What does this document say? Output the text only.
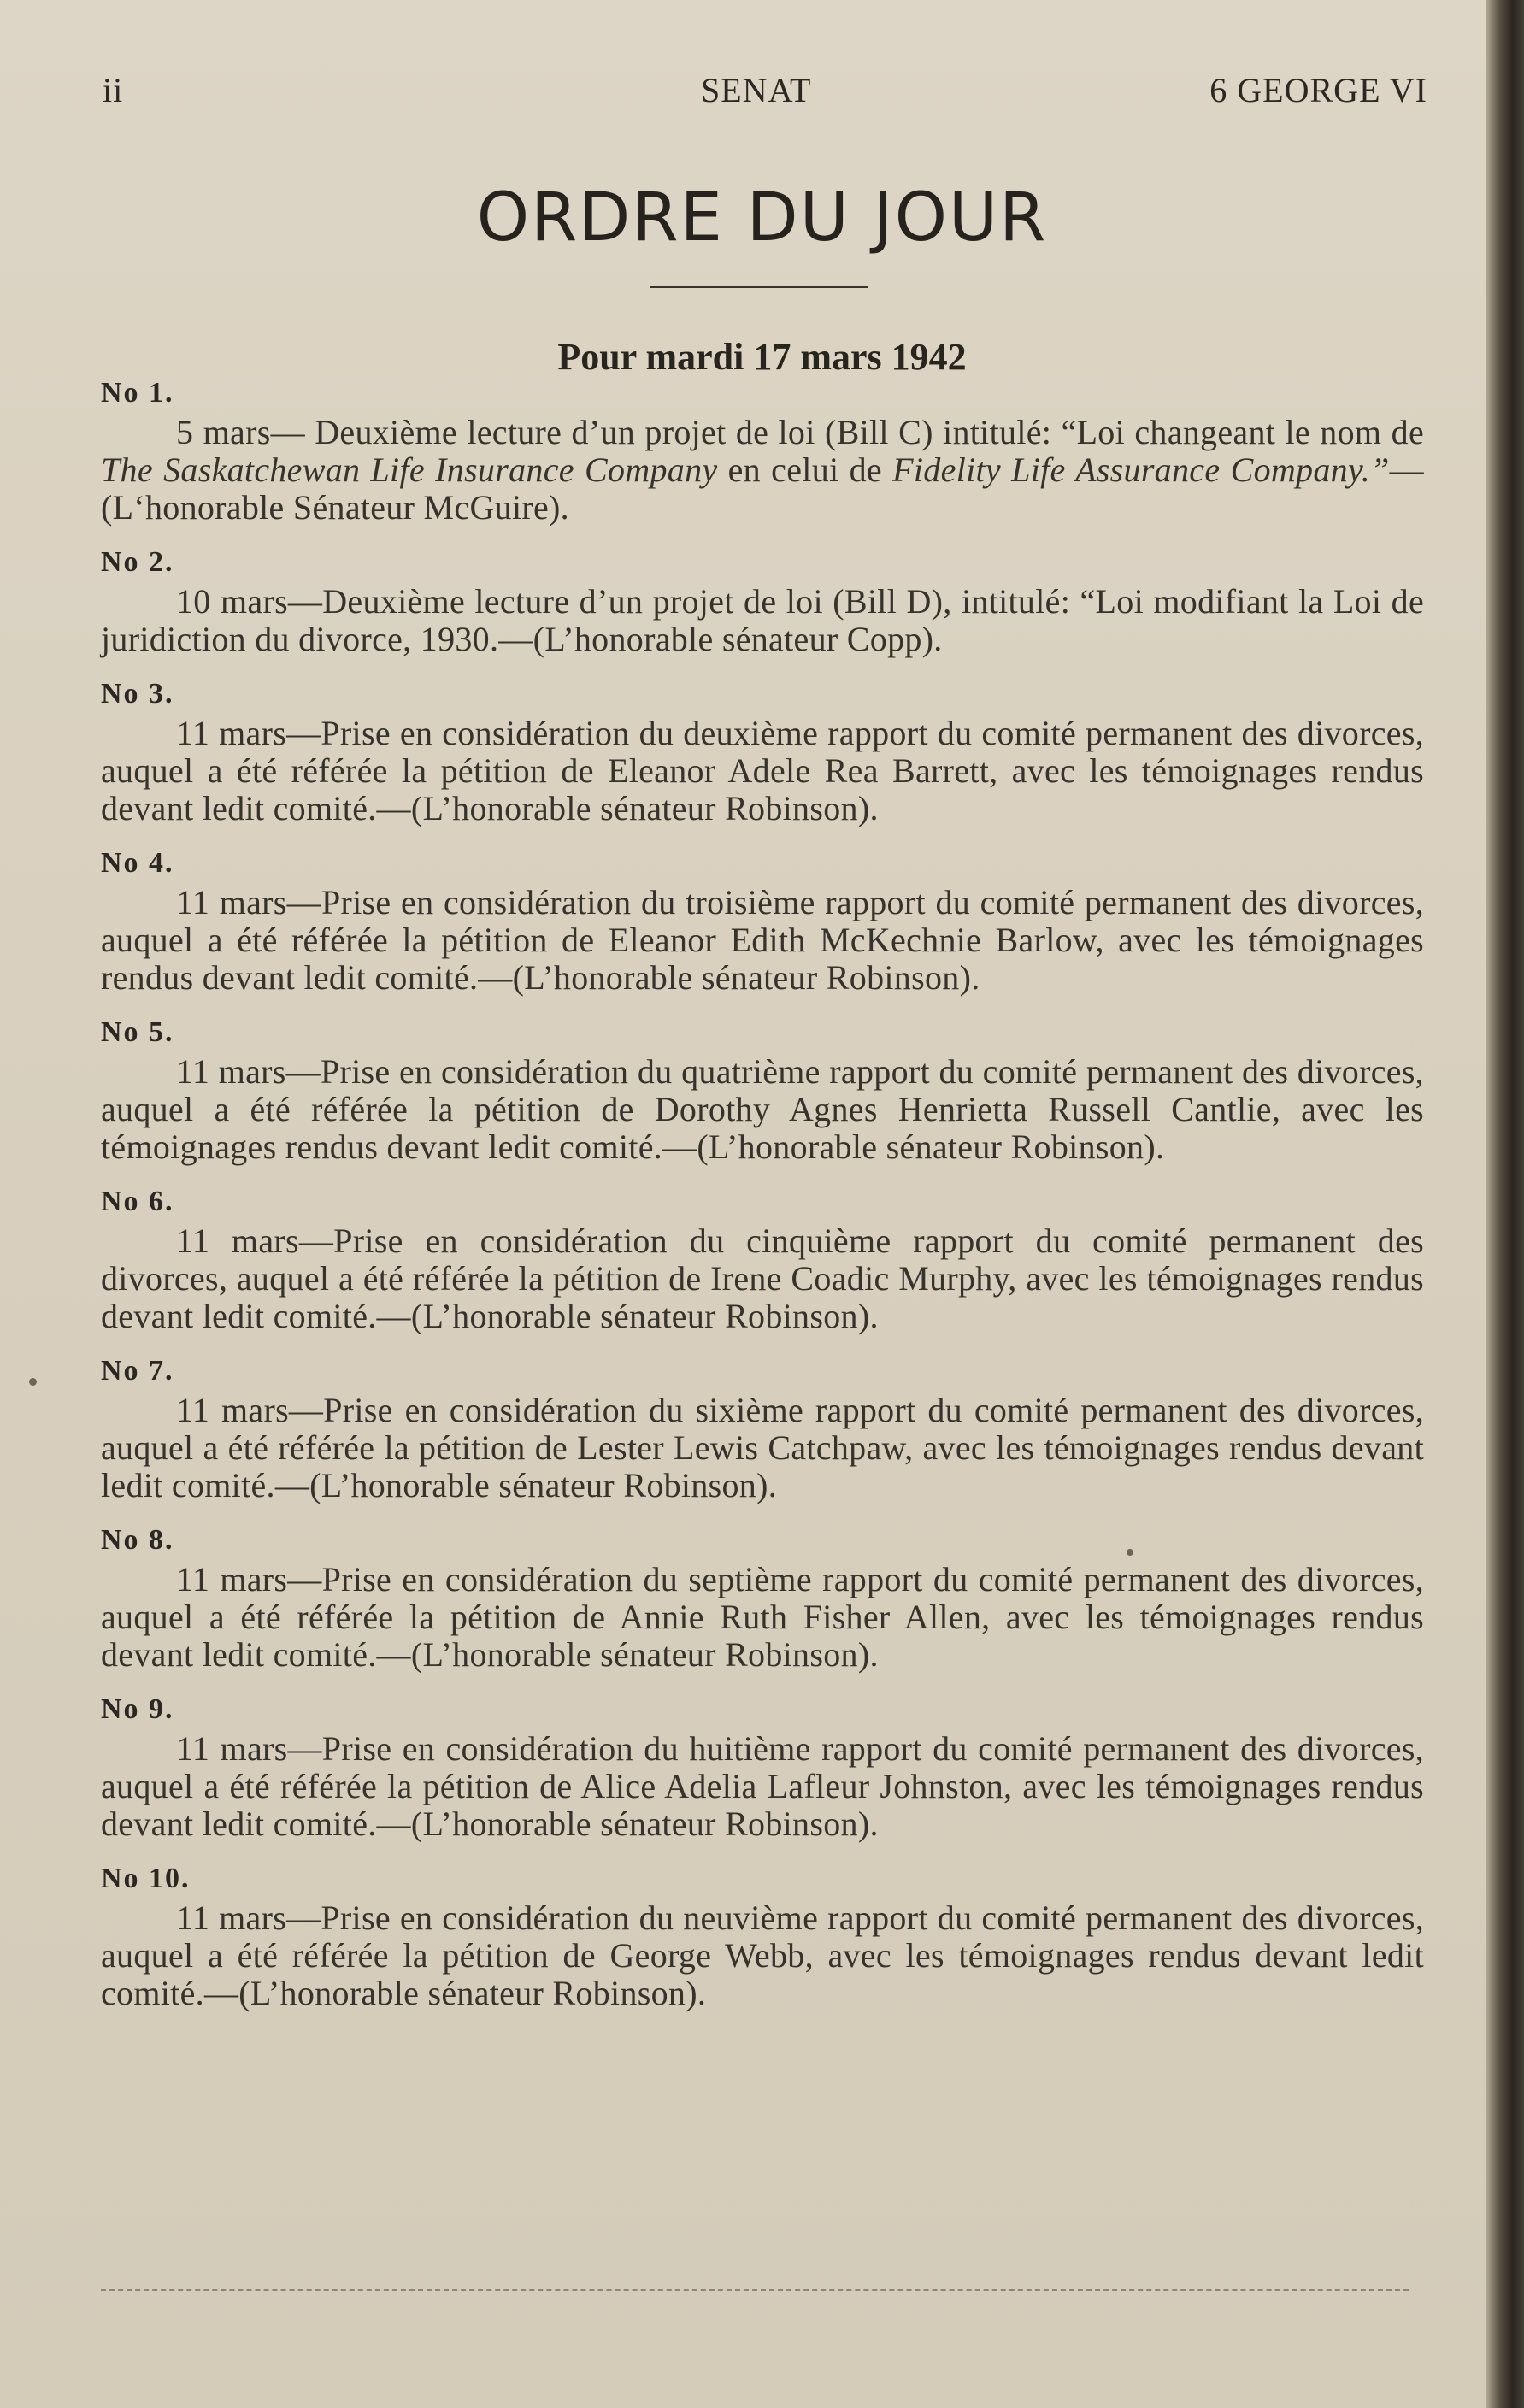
ii	SENAT	6 GEORGE VI
ORDRE DU JOUR
Pour mardi 17 mars 1942
No 1.
5 mars— Deuxième lecture d’un projet de loi (Bill C) intitulé: “Loi changeant le nom de The Saskatchewan Life Insurance Company en celui de Fidelity Life Assurance Company.”—(L‘honorable Sénateur McGuire).
No 2.
10 mars—Deuxième lecture d’un projet de loi (Bill D), intitulé: “Loi modifiant la Loi de juridiction du divorce, 1930.—(L’honorable sénateur Copp).
No 3.
11 mars—Prise en considération du deuxième rapport du comité permanent des divorces, auquel a été référée la pétition de Eleanor Adele Rea Barrett, avec les témoignages rendus devant ledit comité.—(L’honorable sénateur Robinson).
No 4.
11 mars—Prise en considération du troisième rapport du comité permanent des divorces, auquel a été référée la pétition de Eleanor Edith McKechnie Barlow, avec les témoignages rendus devant ledit comité.—(L’honorable sénateur Robinson).
No 5.
11 mars—Prise en considération du quatrième rapport du comité permanent des divorces, auquel a été référée la pétition de Dorothy Agnes Henrietta Russell Cantlie, avec les témoignages rendus devant ledit comité.—(L’honorable sénateur Robinson).
No 6.
11 mars—Prise en considération du cinquième rapport du comité permanent des divorces, auquel a été référée la pétition de Irene Coadic Murphy, avec les témoignages rendus devant ledit comité.—(L’honorable sénateur Robinson).
No 7.
11 mars—Prise en considération du sixième rapport du comité permanent des divorces, auquel a été référée la pétition de Lester Lewis Catchpaw, avec les témoignages rendus devant ledit comité.—(L’honorable sénateur Robinson).
No 8.
11 mars—Prise en considération du septième rapport du comité permanent des divorces, auquel a été référée la pétition de Annie Ruth Fisher Allen, avec les témoignages rendus devant ledit comité.—(L’honorable sénateur Robinson).
No 9.
11 mars—Prise en considération du huitième rapport du comité permanent des divorces, auquel a été référée la pétition de Alice Adelia Lafleur Johnston, avec les témoignages rendus devant ledit comité.—(L’honorable sénateur Robinson).
No 10.
11 mars—Prise en considération du neuvième rapport du comité permanent des divorces, auquel a été référée la pétition de George Webb, avec les témoignages rendus devant ledit comité.—(L’honorable sénateur Robinson).
